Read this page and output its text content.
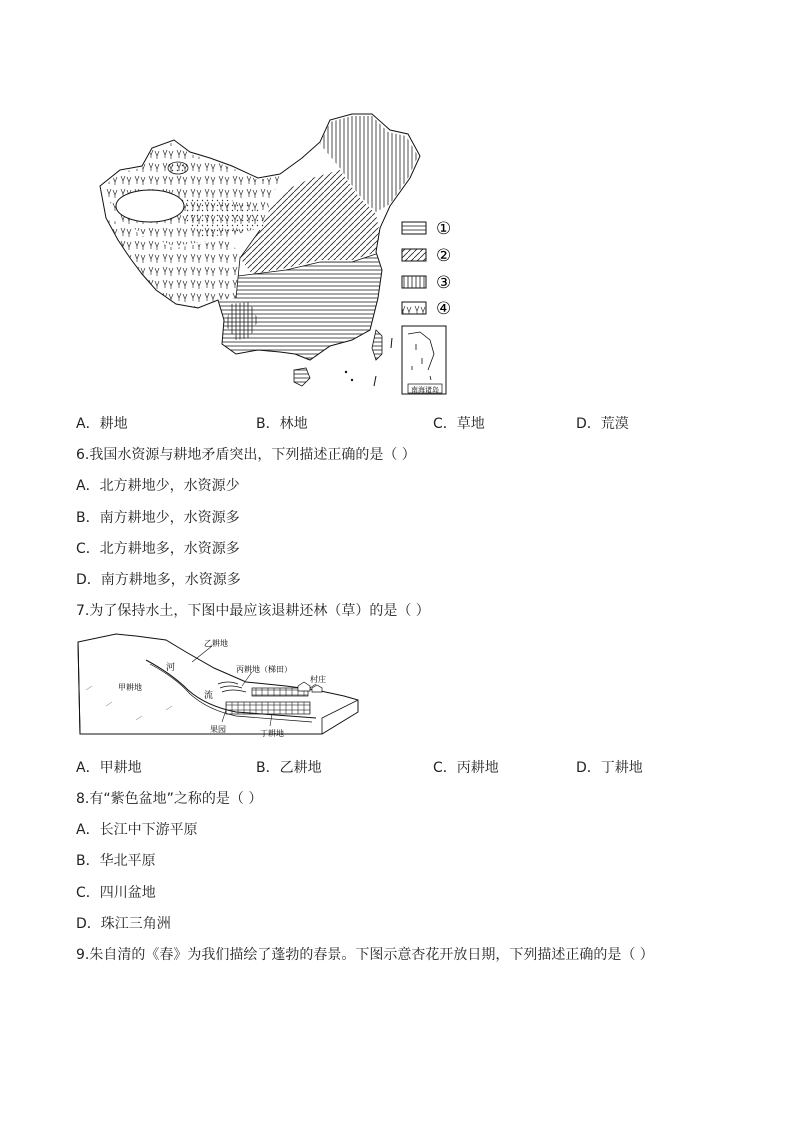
①
②
③
④
南海诸岛
A．耕地	B．林地	C．草地	D．荒漠
6.我国水资源与耕地矛盾突出，下列描述正确的是（ ）
A．北方耕地少，水资源少
B．南方耕地少，水资源多
C．北方耕地多，水资源多
D．南方耕地多，水资源多
7.为了保持水土，下图中最应该退耕还林（草）的是（ ）
乙耕地
丙耕地（梯田）
村庄
甲耕地
河
流
果园	丁耕地
A．甲耕地	B．乙耕地	C．丙耕地	D．丁耕地
8.有“紫色盆地”之称的是（ ）
A．长江中下游平原
B．华北平原
C．四川盆地
D．珠江三角洲
9.朱自清的《春》为我们描绘了蓬勃的春景。下图示意杏花开放日期，下列描述正确的是（ ）
